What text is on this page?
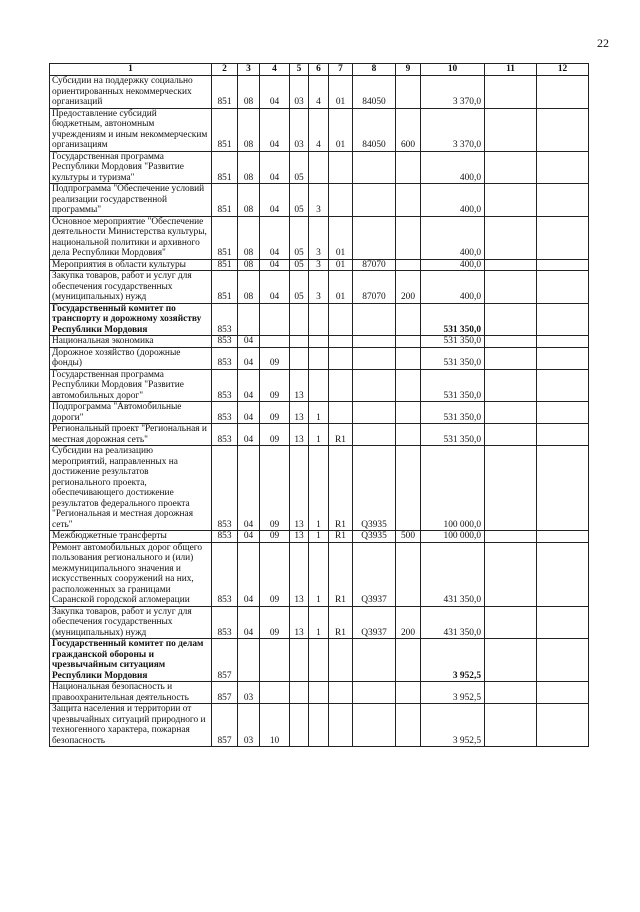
22
1	2	3	4	5	6	7	8	9	10	11	12
Субсидии на поддержку социально ориентированных некоммерческих организаций	851	08	04	03	4	01	84050		3 370,0		
Предоставление субсидий бюджетным, автономным учреждениям и иным некоммерческим организациям	851	08	04	03	4	01	84050	600	3 370,0		
Государственная программа Республики Мордовия "Развитие культуры и туризма"	851	08	04	05					400,0		
Подпрограмма "Обеспечение условий реализации государственной программы"	851	08	04	05	3				400,0		
Основное мероприятие "Обеспечение деятельности Министерства культуры, национальной политики и архивного дела Республики Мордовия"	851	08	04	05	3	01			400,0		
Мероприятия в области культуры	851	08	04	05	3	01	87070		400,0		
Закупка товаров, работ и услуг для обеспечения государственных (муниципальных) нужд	851	08	04	05	3	01	87070	200	400,0		
Государственный комитет по транспорту и дорожному хозяйству Республики Мордовия	853								531 350,0		
Национальная экономика	853	04							531 350,0		
Дорожное хозяйство (дорожные фонды)	853	04	09						531 350,0		
Государственная программа Республики Мордовия "Развитие автомобильных дорог"	853	04	09	13					531 350,0		
Подпрограмма "Автомобильные дороги"	853	04	09	13	1				531 350,0		
Региональный проект "Региональная и местная дорожная сеть"	853	04	09	13	1	R1			531 350,0		
Субсидии на реализацию мероприятий, направленных на достижение результатов регионального проекта, обеспечивающего достижение результатов федерального проекта "Региональная и местная дорожная сеть"	853	04	09	13	1	R1	Q3935		100 000,0		
Межбюджетные трансферты	853	04	09	13	1	R1	Q3935	500	100 000,0		
Ремонт автомобильных дорог общего пользования регионального и (или) межмуниципального значения и искусственных сооружений на них, расположенных за границами Саранской городской агломерации	853	04	09	13	1	R1	Q3937		431 350,0		
Закупка товаров, работ и услуг для обеспечения государственных (муниципальных) нужд	853	04	09	13	1	R1	Q3937	200	431 350,0		
Государственный комитет по делам гражданской обороны и чрезвычайным ситуациям Республики Мордовия	857								3 952,5		
Национальная безопасность и правоохранительная деятельность	857	03							3 952,5		
Защита населения и территории от чрезвычайных ситуаций природного и техногенного характера, пожарная безопасность	857	03	10						3 952,5		
